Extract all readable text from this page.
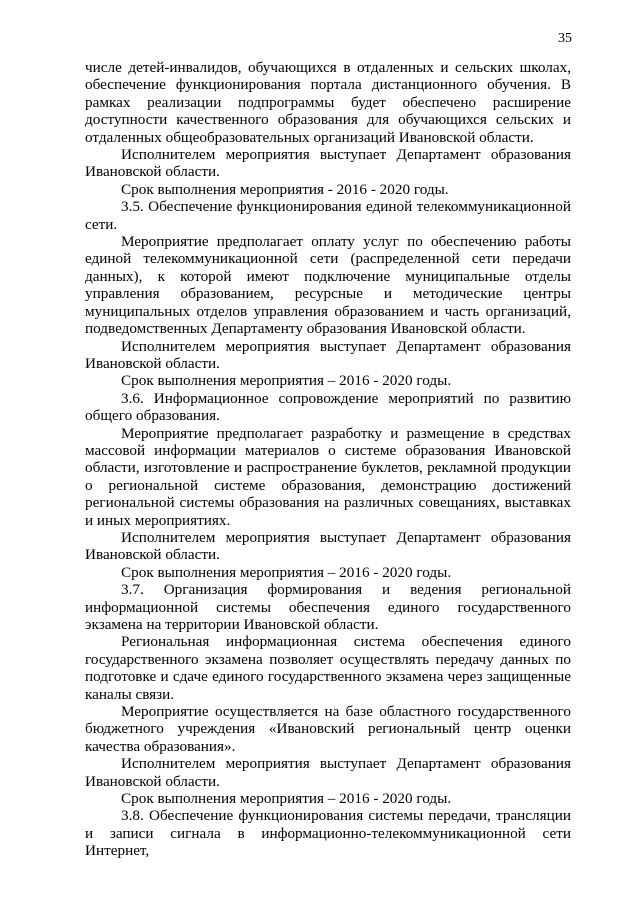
35

числе детей-инвалидов, обучающихся в отдаленных и сельских школах, обеспечение функционирования портала дистанционного обучения. В рамках реализации подпрограммы будет обеспечено расширение доступности качественного образования для обучающихся сельских и отдаленных общеобразовательных организаций Ивановской области.

Исполнителем мероприятия выступает Департамент образования Ивановской области.

Срок выполнения мероприятия - 2016 - 2020 годы.

3.5. Обеспечение функционирования единой телекоммуникационной сети.

Мероприятие предполагает оплату услуг по обеспечению работы единой телекоммуникационной сети (распределенной сети передачи данных), к которой имеют подключение муниципальные отделы управления образованием, ресурсные и методические центры муниципальных отделов управления образованием и часть организаций, подведомственных Департаменту образования Ивановской области.

Исполнителем мероприятия выступает Департамент образования Ивановской области.

Срок выполнения мероприятия – 2016 - 2020 годы.

3.6. Информационное сопровождение мероприятий по развитию общего образования.

Мероприятие предполагает разработку и размещение в средствах массовой информации материалов о системе образования Ивановской области, изготовление и распространение буклетов, рекламной продукции о региональной системе образования, демонстрацию достижений региональной системы образования на различных совещаниях, выставках и иных мероприятиях.

Исполнителем мероприятия выступает Департамент образования Ивановской области.

Срок выполнения мероприятия – 2016 - 2020 годы.

3.7. Организация формирования и ведения региональной информационной системы обеспечения единого государственного экзамена на территории Ивановской области.

Региональная информационная система обеспечения единого государственного экзамена позволяет осуществлять передачу данных по подготовке и сдаче единого государственного экзамена через защищенные каналы связи.

Мероприятие осуществляется на базе областного государственного бюджетного учреждения «Ивановский региональный центр оценки качества образования».

Исполнителем мероприятия выступает Департамент образования Ивановской области.

Срок выполнения мероприятия – 2016 - 2020 годы.

3.8. Обеспечение функционирования системы передачи, трансляции и записи сигнала в информационно-телекоммуникационной сети Интернет,
